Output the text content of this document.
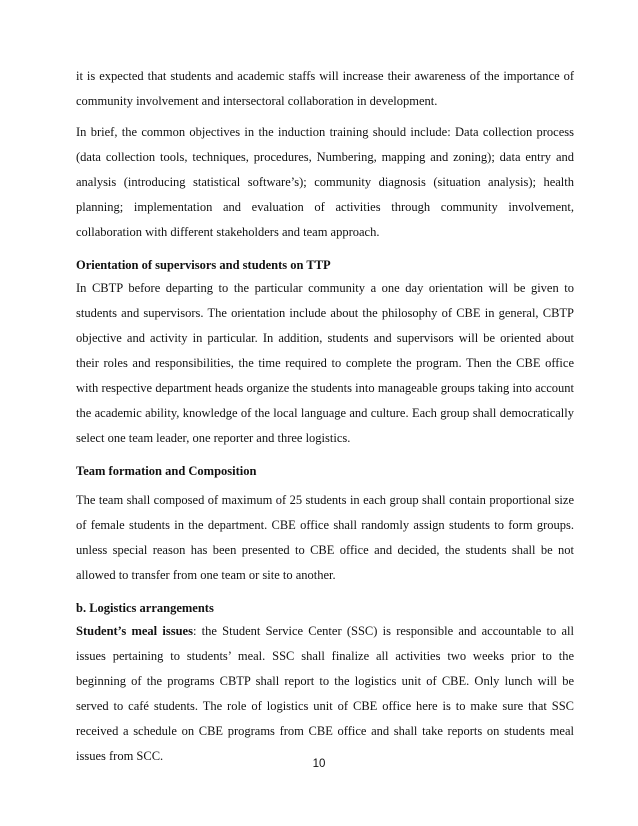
it is expected that students and academic staffs will increase their awareness of the importance of community involvement and intersectoral collaboration in development.

In brief, the common objectives in the induction training should include: Data collection process (data collection tools, techniques, procedures, Numbering, mapping and zoning); data entry and analysis (introducing statistical software’s); community diagnosis (situation analysis); health planning; implementation and evaluation of activities through community involvement, collaboration with different stakeholders and team approach.

Orientation of supervisors and students on TTP

In CBTP before departing to the particular community a one day orientation will be given to students and supervisors. The orientation include about the philosophy of CBE in general, CBTP objective and activity in particular. In addition, students and supervisors will be oriented about their roles and responsibilities, the time required to complete the program. Then the CBE office with respective department heads organize the students into manageable groups taking into account the academic ability, knowledge of the local language and culture. Each group shall democratically select one team leader, one reporter and three logistics.

Team formation and Composition

The team shall composed of maximum of 25 students in each group shall contain proportional size of female students in the department. CBE office shall randomly assign students to form groups. unless special reason has been presented to CBE office and decided, the students shall be not allowed to transfer from one team or site to another.

b. Logistics arrangements

Student’s meal issues: the Student Service Center (SSC) is responsible and accountable to all issues pertaining to students’ meal. SSC shall finalize all activities two weeks prior to the beginning of the programs CBTP shall report to the logistics unit of CBE. Only lunch will be served to café students. The role of logistics unit of CBE office here is to make sure that SSC received a schedule on CBE programs from CBE office and shall take reports on students meal issues from SCC.

10
